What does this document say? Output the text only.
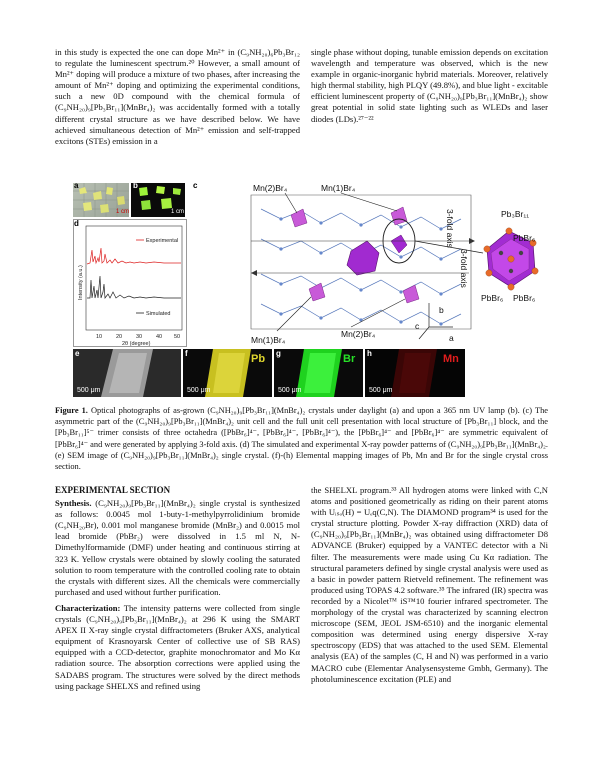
in this study is expected the one can dope Mn²⁺ in (C₉NH₂₀)₆Pb₃Br₁₂ to regulate the luminescent spectrum.²⁰ However, a small amount of Mn²⁺ doping will produce a mixture of two phases, after increasing the amount of Mn²⁺ doping and optimizing the experimental conditions, such a new 0D compound with the chemical formula of (C₉NH₂₀)₉[Pb₃Br₁₁](MnBr₄)₂ was accidentally formed with a totally different crystal structure as we have described below. We have achieved simultaneous detection of Mn²⁺ emission and self-trapped excitons (STEs) emission in a

single phase without doping, tunable emission depends on excitation wavelength and temperature was observed, which is the new example in organic-inorganic hybrid materials. Moreover, relatively high thermal stability, high PLQY (49.8%), and blue light - excitable efficient luminescent property of (C₉NH₂₀)₉[Pb₃Br₁₁](MnBr₄)₂ show great potential in solid state lighting such as WLEDs and laser diodes (LDs).²⁷⁻²²

a
1 cm
b
1 cm
10	20	30	40 50
2θ (degree)
Experimental
Simulated
Intensity (a.u.)
d
c	Mn(2)Br₄	Mn(1)Br₄
Mn(1)Br₄
Mn(2)Br₄
3-fold axis
3-fold axis
b
c
a
Pb₃Br₁₁
PbBr₆
PbBr₆ PbBr₆
e
500 μm
f	Pb
500 μm
g	Br
500 μm
h	Mn
500 μm
Figure 1. Optical photographs of as-grown (C₉NH₂₀)₉[Pb₃Br₁₁](MnBr₄)₂ crystals under daylight (a) and upon a 365 nm UV lamp (b). (c) The asymmetric part of the (C₉NH₂₀)₉[Pb₃Br₁₁](MnBr₄)₂ unit cell and the full unit cell presentation with local structure of [Pb₃Br₁₁] block, and the [Pb₃Br₁₁]⁵⁻ trimer consists of three octahedra ([PbBr₆]⁴⁻, [PbBr₆]⁴⁻, [PbBr₆]⁴⁻), the [PbBr₆]⁴⁻ and [PbBr₆]⁴⁻ are symmetric equivalent of [PbBr₆]⁴⁻ and were generated by applying 3-fold axis. (d) The simulated and experimental X-ray powder patterns of (C₉NH₂₀)₉[Pb₃Br₁₁](MnBr₄)₂. (e) SEM image of (C₉NH₂₀)₉[Pb₃Br₁₁](MnBr₄)₂ single crystal. (f)-(h) Elemental mapping images of Pb, Mn and Br for the single crystal cross section.
EXPERIMENTAL SECTION

Synthesis. (C₉NH₂₀)₉[Pb₃Br₁₁](MnBr₄)₂ single crystal is synthesized as follows: 0.0045 mol 1-buty-1-methylpyrrolidinium bromide (C₉NH₂₀Br), 0.001 mol manganese bromide (MnBr₂) and 0.0015 mol lead bromide (PbBr₂) were dissolved in 1.5 ml N, N-Dimethylformamide (DMF) under heating and continuous stirring at 323 K. Yellow crystals were obtained by slowly cooling the saturated solution to room temperature with the controlled cooling rate to obtain the crystals with different sizes. All the chemicals were commercially purchased and used without further purification.

Characterization: The intensity patterns were collected from single crystals (C₉NH₂₀)₉[Pb₃Br₁₁](MnBr₄)₂ at 296 K using the SMART APEX II X-ray single crystal diffractometers (Bruker AXS, analytical equipment of Krasnoyarsk Center of collective use of SB RAS) equipped with a CCD-detector, graphite monochromator and Mo Kα radiation source. The absorption corrections were applied using the SADABS program. The structures were solved by the direct methods using package SHELXS and refined using

the SHELXL program.³³ All hydrogen atoms were linked with C,N atoms and positioned geometrically as riding on their parent atoms with Uᵢₛₒ(H) = Uₑq(C,N). The DIAMOND program³⁴ is used for the crystal structure plotting. Powder X-ray diffraction (XRD) data of (C₉NH₂₀)₉[Pb₃Br₁₁](MnBr₄)₂ was obtained using diffractometer D8 ADVANCE (Bruker) equipped by a VANTEC detector with a Ni filter. The measurements were made using Cu Kα radiation. The structural parameters defined by single crystal analysis were used as a basic in powder pattern Rietveld refinement. The refinement was produced using TOPAS 4.2 software.³⁵ The infrared (IR) spectra was recorded by a Nicoletᵀᴹ iS™10 fourier infrared spectrometer. The morphology of the crystal was characterized by scanning electron microscope (SEM, JEOL JSM-6510) and the inorganic elemental composition was determined using energy dispersive X-ray spectroscopy (EDS) that was attached to the used SEM. Elemental analysis (EA) of the samples (C, H and N) was performed in a vario MACRO cube (Elementar Analysensysteme Gmbh, Germany). The photoluminescence excitation (PLE) and
